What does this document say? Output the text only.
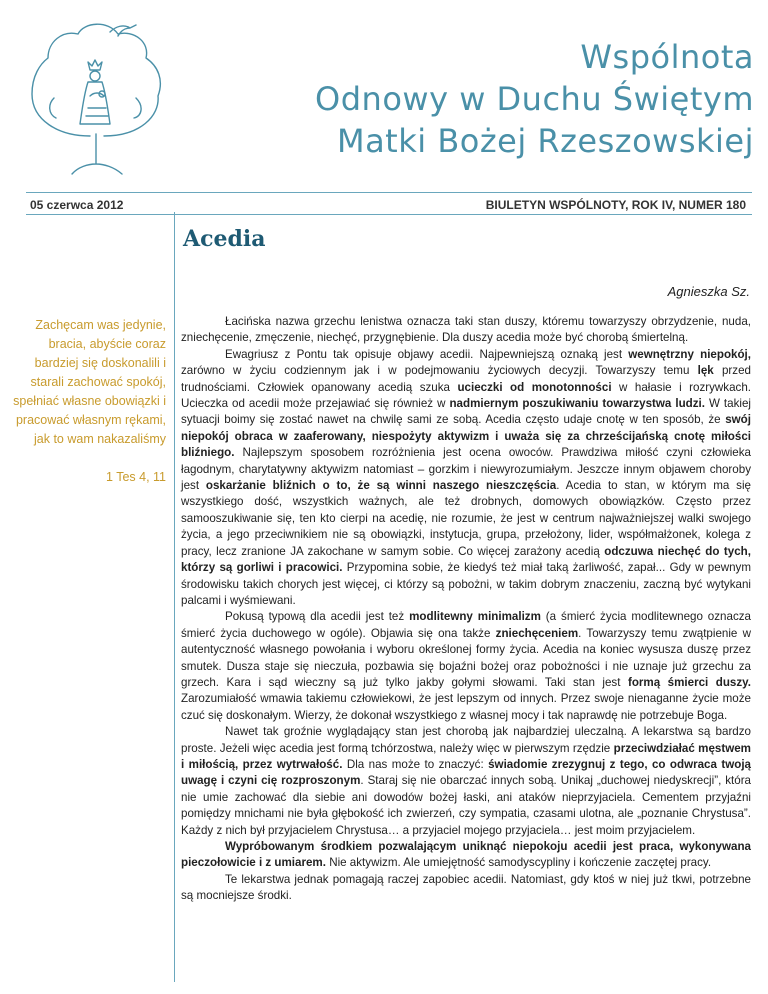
Wspólnota
Odnowy w Duchu Świętym
Matki Bożej Rzeszowskiej
05 czerwca 2012	BIULETYN WSPÓLNOTY, ROK IV, NUMER 180
Acedia
Agnieszka Sz.

Zachęcam was jedynie, bracia, abyście coraz bardziej się doskonalili i starali zachować spokój, spełniać własne obowiązki i pracować własnym rękami, jak to wam nakazaliśmy

1 Tes 4, 11

Łacińska nazwa grzechu lenistwa oznacza taki stan duszy, któremu towarzyszy obrzydzenie, nuda, zniechęcenie, zmęczenie, niechęć, przygnębienie. Dla duszy acedia może być chorobą śmiertelną.

Ewagriusz z Pontu tak opisuje objawy acedii. Najpewniejszą oznaką jest wewnętrzny niepokój, zarówno w życiu codziennym jak i w podejmowaniu życiowych decyzji. Towarzyszy temu lęk przed trudnościami. Człowiek opanowany acedią szuka ucieczki od monotonności w hałasie i rozrywkach. Ucieczka od acedii może przejawiać się również w nadmiernym poszukiwaniu towarzystwa ludzi. W takiej sytuacji boimy się zostać nawet na chwilę sami ze sobą. Acedia często udaje cnotę w ten sposób, że swój niepokój obraca w zaaferowany, niespożyty aktywizm i uważa się za chrześcijańską cnotę miłości bliźniego. Najlepszym sposobem rozróżnienia jest ocena owoców. Prawdziwa miłość czyni człowieka łagodnym, charytatywny aktywizm natomiast – gorzkim i niewyrozumiałym. Jeszcze innym objawem choroby jest oskarżanie bliźnich o to, że są winni naszego nieszczęścia. Acedia to stan, w którym ma się wszystkiego dość, wszystkich ważnych, ale też drobnych, domowych obowiązków. Często przez samooszukiwanie się, ten kto cierpi na acedię, nie rozumie, że jest w centrum najważniejszej walki swojego życia, a jego przeciwnikiem nie są obowiązki, instytucja, grupa, przełożony, lider, współmałżonek, kolega z pracy, lecz zranione JA zakochane w samym sobie. Co więcej zarażony acedią odczuwa niechęć do tych, którzy są gorliwi i pracowici. Przypomina sobie, że kiedyś też miał taką żarliwość, zapał... Gdy w pewnym środowisku takich chorych jest więcej, ci którzy są pobożni, w takim dobrym znaczeniu, zaczną być wytykani palcami i wyśmiewani.

Pokusą typową dla acedii jest też modlitewny minimalizm (a śmierć życia modlitewnego oznacza śmierć życia duchowego w ogóle). Objawia się ona także zniechęceniem. Towarzyszy temu zwątpienie w autentyczność własnego powołania i wyboru określonej formy życia. Acedia na koniec wysusza duszę przez smutek. Dusza staje się nieczuła, pozbawia się bojaźni bożej oraz pobożności i nie uznaje już grzechu za grzech. Kara i sąd wieczny są już tylko jakby gołymi słowami. Taki stan jest formą śmierci duszy. Zarozumiałość wmawia takiemu człowiekowi, że jest lepszym od innych. Przez swoje nienaganne życie może czuć się doskonałym. Wierzy, że dokonał wszystkiego z własnej mocy i tak naprawdę nie potrzebuje Boga.

Nawet tak groźnie wyglądający stan jest chorobą jak najbardziej uleczalną. A lekarstwa są bardzo proste. Jeżeli więc acedia jest formą tchórzostwa, należy więc w pierwszym rzędzie przeciwdziałać męstwem i miłością, przez wytrwałość. Dla nas może to znaczyć: świadomie zrezygnuj z tego, co odwraca twoją uwagę i czyni cię rozproszonym. Staraj się nie obarczać innych sobą. Unikaj „duchowej niedyskrecji”, która nie umie zachować dla siebie ani dowodów bożej łaski, ani ataków nieprzyjaciela. Cementem przyjaźni pomiędzy mnichami nie była głębokość ich zwierzeń, czy sympatia, czasami ulotna, ale „poznanie Chrystusa”. Każdy z nich był przyjacielem Chrystusa… a przyjaciel mojego przyjaciela… jest moim przyjacielem.

Wypróbowanym środkiem pozwalającym uniknąć niepokoju acedii jest praca, wykonywana pieczołowicie i z umiarem. Nie aktywizm. Ale umiejętność samodyscypliny i kończenie zaczętej pracy.

Te lekarstwa jednak pomagają raczej zapobiec acedii. Natomiast, gdy ktoś w niej już tkwi, potrzebne są mocniejsze środki.
